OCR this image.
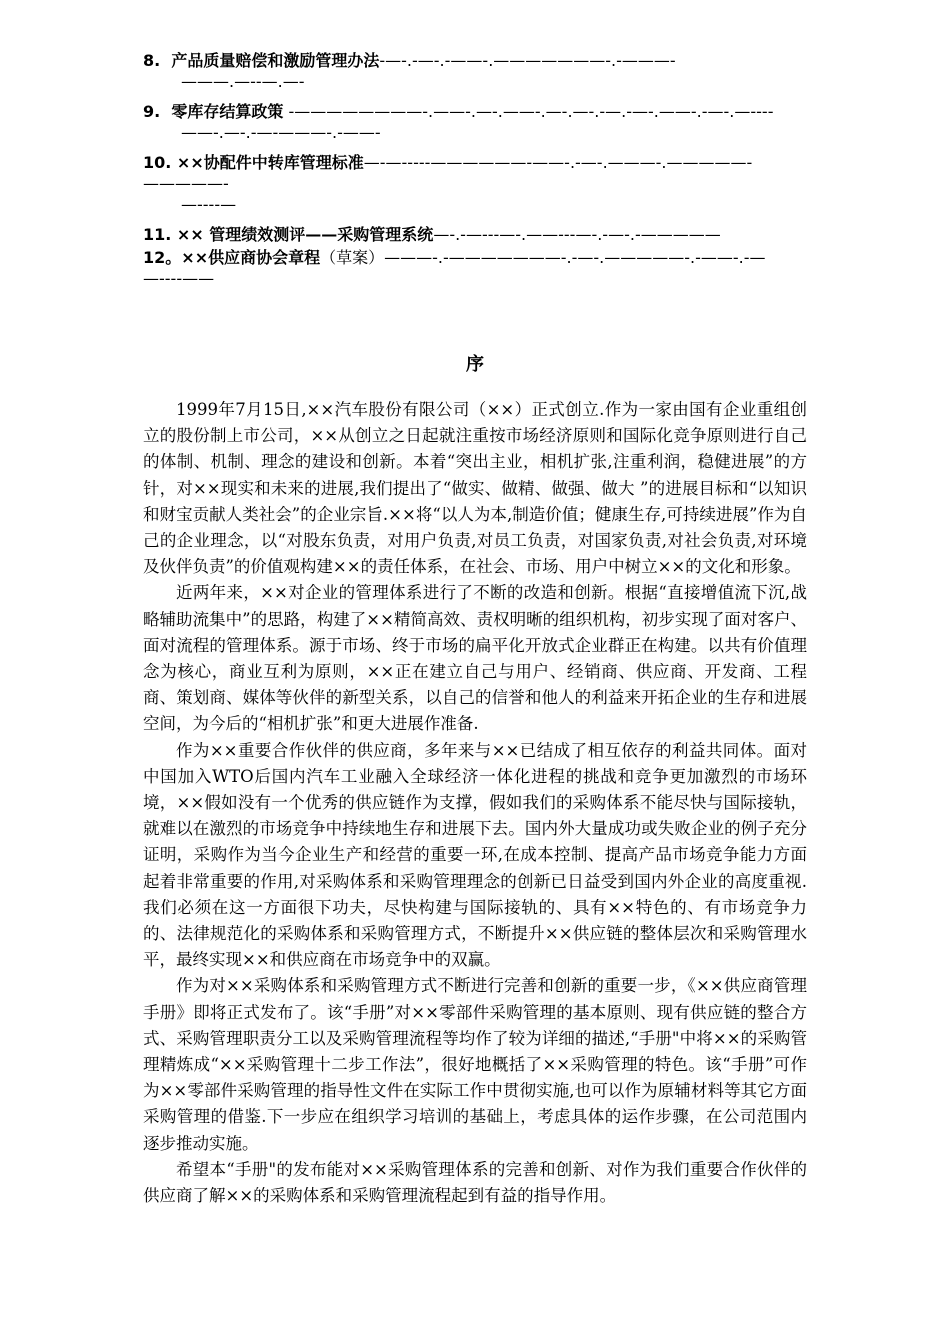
8. 产品质量赔偿和激励管理办法-—-.-—-.-——-.———————-.-———-
———.—--—.—-
9. 零库存结算政策 -————————-.——-.—-.——-.—-.—-.-—.-—-.——-.-—-.—----
——-.—-.-—-———-.-——-
10. ××协配件中转库管理标准—-—-----——————-——-.-—-.———-.—————-—————-
—----—
11. ×× 管理绩效测评——采购管理系统—-.-—---—-.——---—-.-—-.-—————
12。××供应商协会章程（草案）———-.-———————-.-—-.—————-.-——-.-—
—----——
序

1999年7月15日,××汽车股份有限公司（××）正式创立.作为一家由国有企业重组创立的股份制上市公司，××从创立之日起就注重按市场经济原则和国际化竞争原则进行自己的体制、机制、理念的建设和创新。本着“突出主业，相机扩张,注重利润，稳健进展”的方针，对××现实和未来的进展,我们提出了“做实、做精、做强、做大 ”的进展目标和“以知识和财宝贡献人类社会”的企业宗旨.××将“以人为本,制造价值；健康生存,可持续进展”作为自己的企业理念，以“对股东负责，对用户负责,对员工负责，对国家负责,对社会负责,对环境及伙伴负责”的价值观构建××的责任体系，在社会、市场、用户中树立××的文化和形象。

近两年来，××对企业的管理体系进行了不断的改造和创新。根据“直接增值流下沉,战略辅助流集中”的思路，构建了××精简高效、责权明晰的组织机构，初步实现了面对客户、面对流程的管理体系。源于市场、终于市场的扁平化开放式企业群正在构建。以共有价值理念为核心，商业互利为原则，××正在建立自己与用户、经销商、供应商、开发商、工程商、策划商、媒体等伙伴的新型关系，以自己的信誉和他人的利益来开拓企业的生存和进展空间，为今后的“相机扩张”和更大进展作准备.

作为××重要合作伙伴的供应商，多年来与××已结成了相互依存的利益共同体。面对中国加入WTO后国内汽车工业融入全球经济一体化进程的挑战和竞争更加激烈的市场环境，××假如没有一个优秀的供应链作为支撑，假如我们的采购体系不能尽快与国际接轨，就难以在激烈的市场竞争中持续地生存和进展下去。国内外大量成功或失败企业的例子充分证明，采购作为当今企业生产和经营的重要一环,在成本控制、提高产品市场竞争能力方面起着非常重要的作用,对采购体系和采购管理理念的创新已日益受到国内外企业的高度重视.我们必须在这一方面很下功夫，尽快构建与国际接轨的、具有××特色的、有市场竞争力的、法律规范化的采购体系和采购管理方式，不断提升××供应链的整体层次和采购管理水平，最终实现××和供应商在市场竞争中的双赢。

作为对××采购体系和采购管理方式不断进行完善和创新的重要一步，《××供应商管理手册》即将正式发布了。该“手册”对××零部件采购管理的基本原则、现有供应链的整合方式、采购管理职责分工以及采购管理流程等均作了较为详细的描述,“手册"中将××的采购管理精炼成“××采购管理十二步工作法”，很好地概括了××采购管理的特色。该“手册”可作为××零部件采购管理的指导性文件在实际工作中贯彻实施,也可以作为原辅材料等其它方面采购管理的借鉴.下一步应在组织学习培训的基础上，考虑具体的运作步骤，在公司范围内逐步推动实施。

希望本“手册"的发布能对××采购管理体系的完善和创新、对作为我们重要合作伙伴的供应商了解××的采购体系和采购管理流程起到有益的指导作用。
